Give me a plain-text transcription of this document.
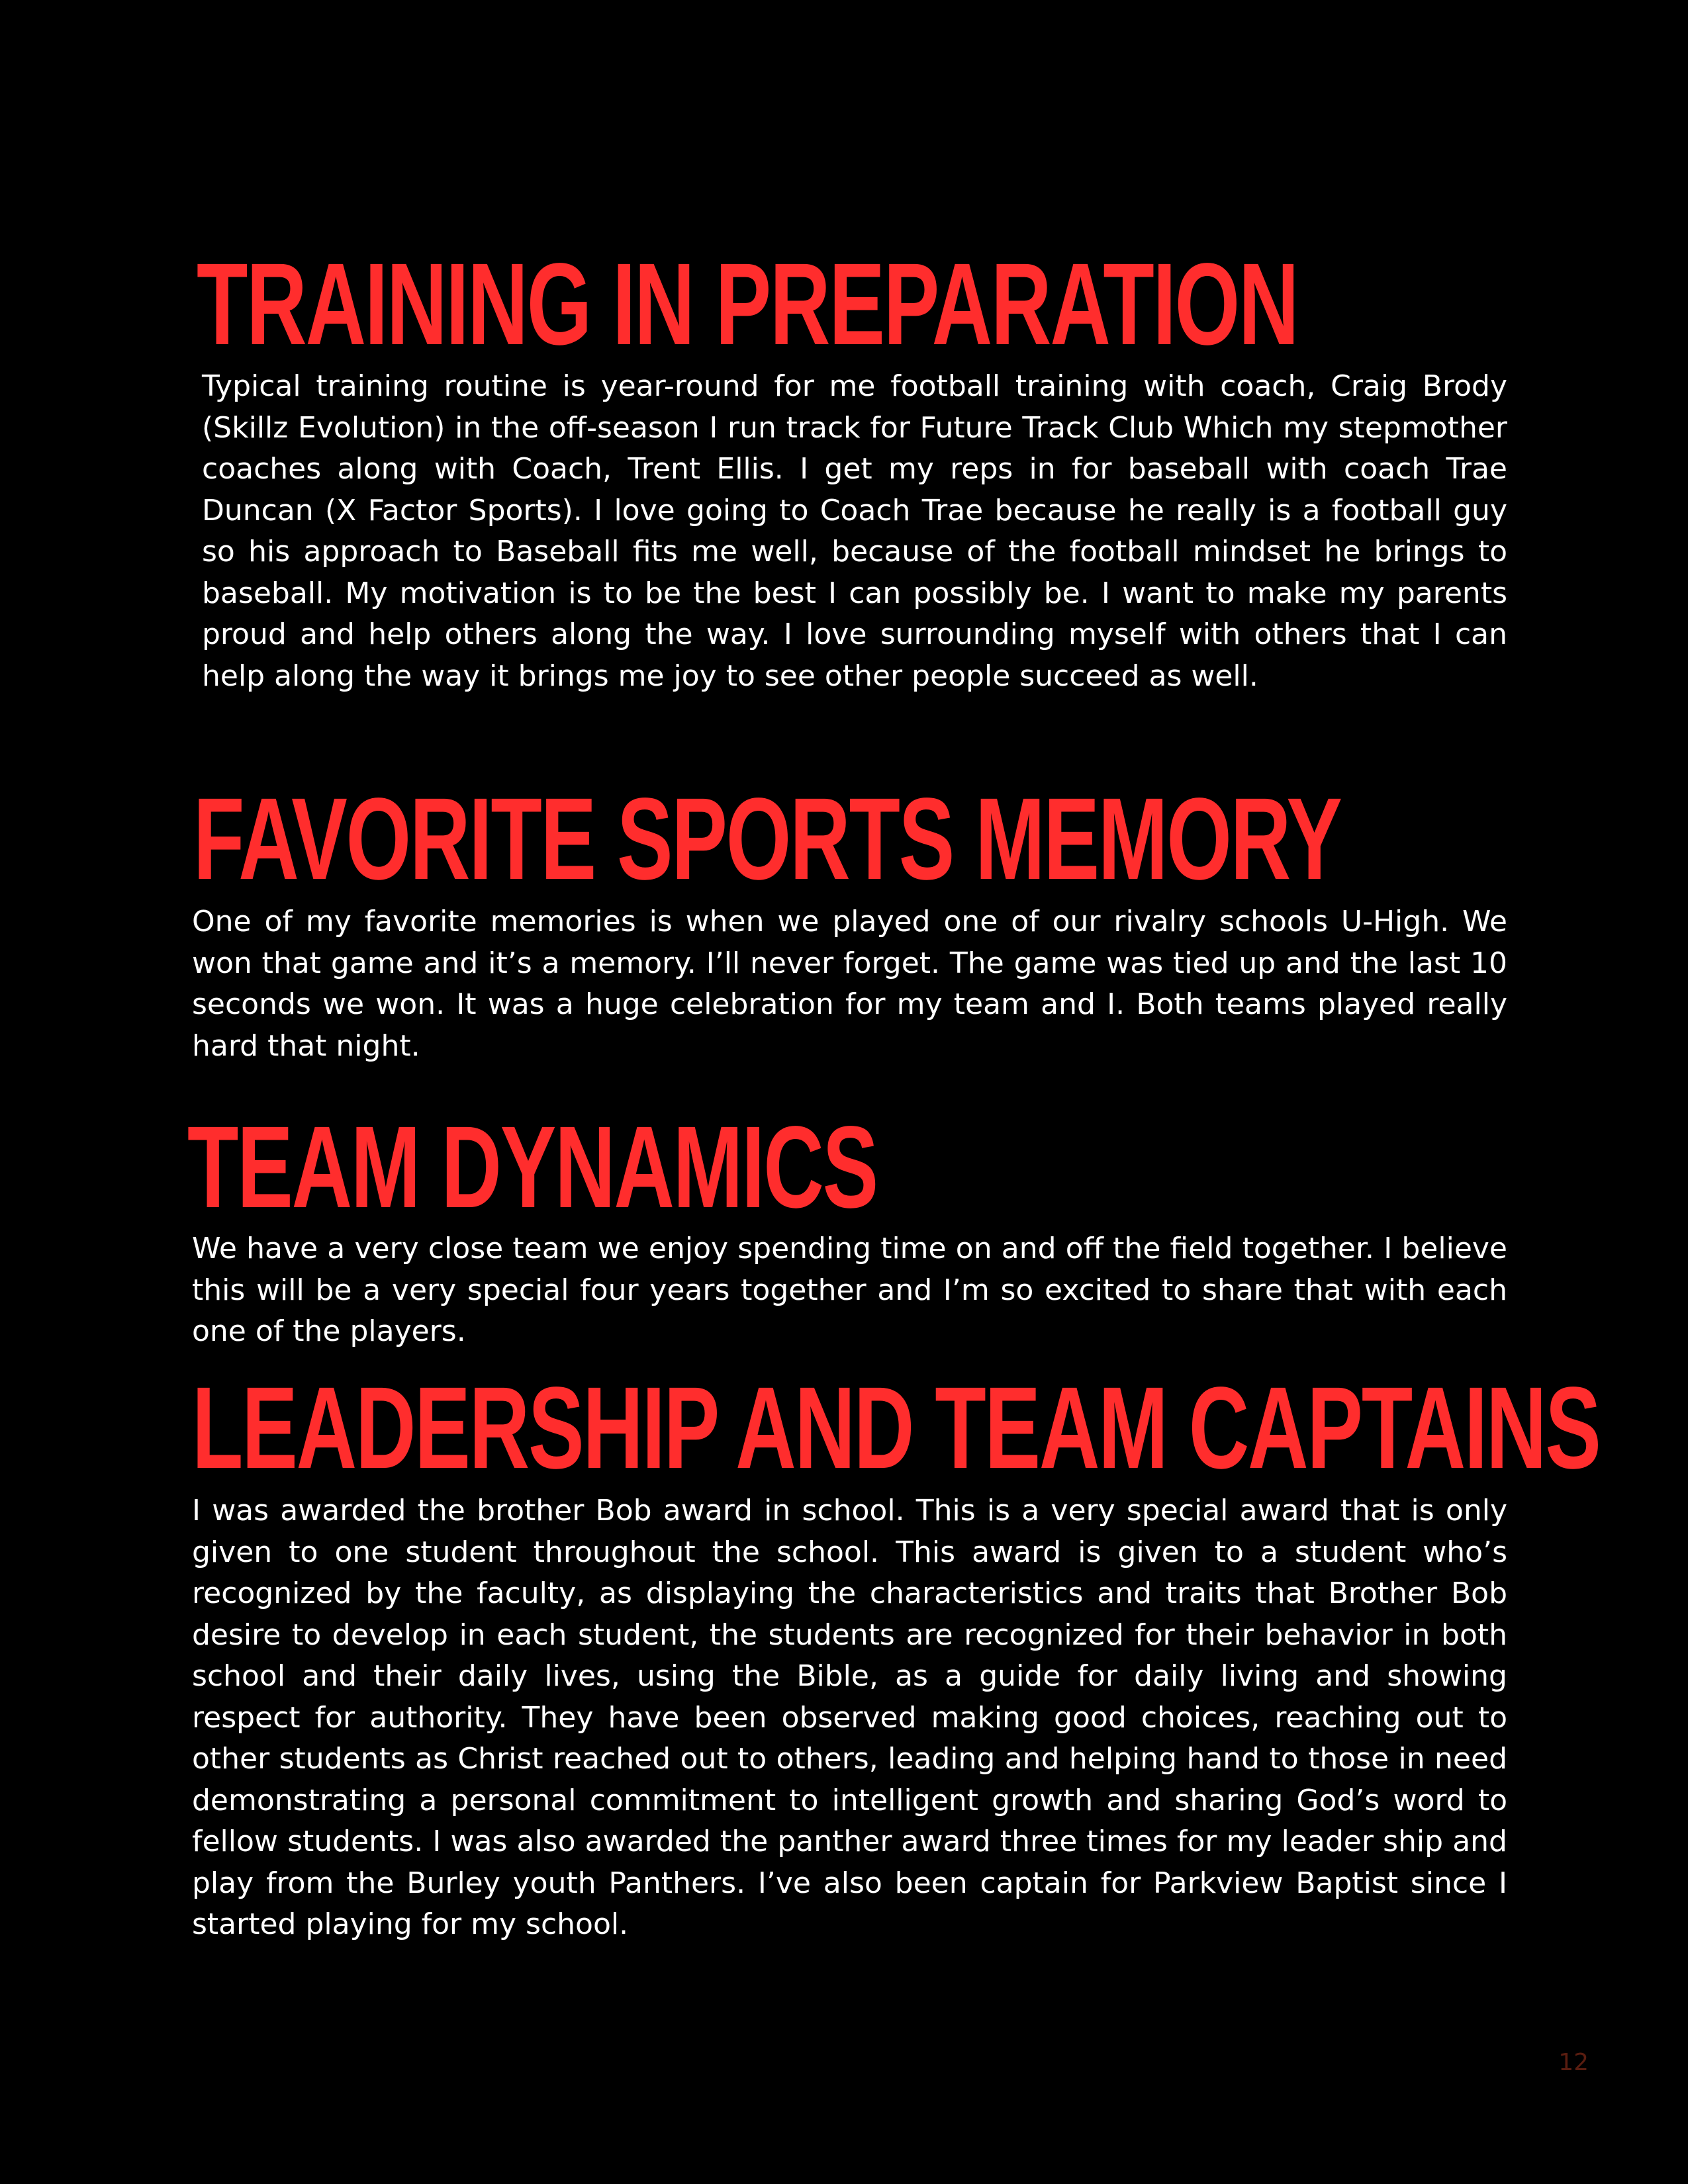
TRAINING IN PREPARATION

Typical training routine is year-round for me football training with coach, Craig Brody (Skillz Evolution) in the off-season I run track for Future Track Club Which my stepmother coaches along with Coach, Trent Ellis. I get my reps in for baseball with coach Trae Duncan (X Factor Sports). I love going to Coach Trae because he really is a football guy so his approach to Baseball fits me well, because of the football mindset he brings to baseball. My motivation is to be the best I can possibly be. I want to make my parents proud and help others along the way. I love surrounding myself with others that I can help along the way it brings me joy to see other people succeed as well.

FAVORITE SPORTS MEMORY

One of my favorite memories is when we played one of our rivalry schools U-High. We won that game and it’s a memory. I’ll never forget. The game was tied up and the last 10 seconds we won. It was a huge celebration for my team and I. Both teams played really hard that night.

TEAM DYNAMICS

We have a very close team we enjoy spending time on and off the field together. I believe this will be a very special four years together and I’m so excited to share that with each one of the players.

LEADERSHIP AND TEAM CAPTAINS

I was awarded the brother Bob award in school. This is a very special award that is only given to one student throughout the school. This award is given to a student who’s recognized by the faculty, as displaying the characteristics and traits that Brother Bob desire to develop in each student, the students are recognized for their behavior in both school and their daily lives, using the Bible, as a guide for daily living and showing respect for authority. They have been observed making good choices, reaching out to other students as Christ reached out to others, leading and helping hand to those in need demonstrating a personal commitment to intelligent growth and sharing God’s word to fellow students. I was also awarded the panther award three times for my leader ship and play from the Burley youth Panthers. I’ve also been captain for Parkview Baptist since I started playing for my school.

12
